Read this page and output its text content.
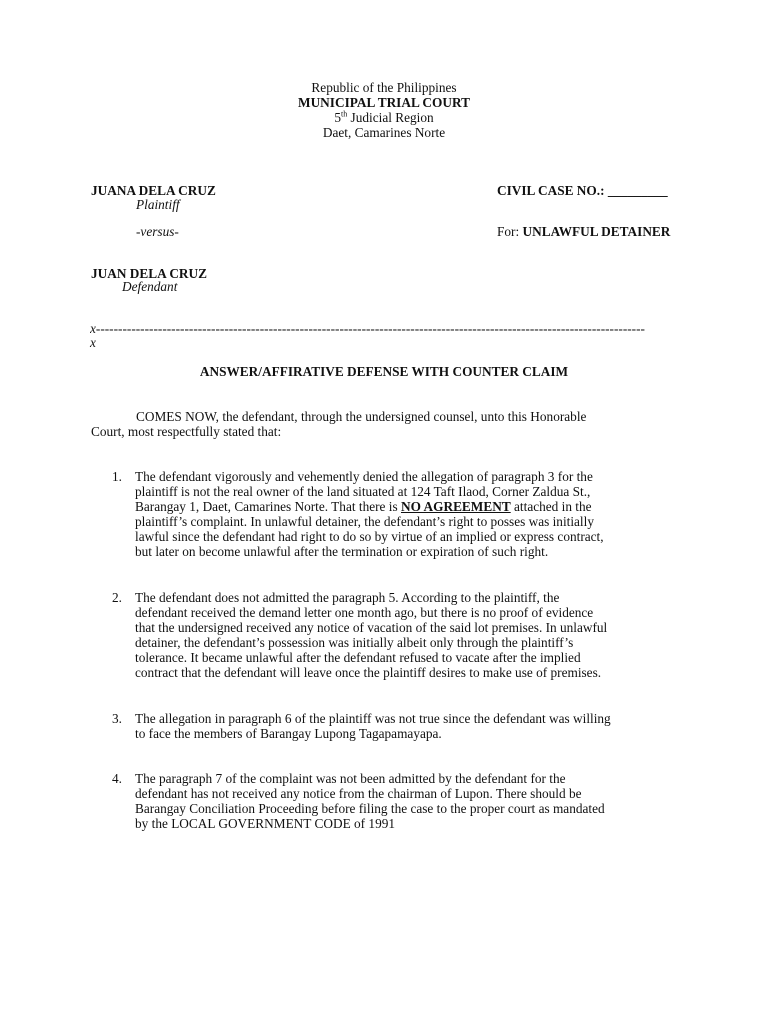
Republic of the Philippines
MUNICIPAL TRIAL COURT
5th Judicial Region
Daet, Camarines Norte
JUANA DELA CRUZ
Plaintiff
-versus-
JUAN DELA CRUZ
Defendant
CIVIL CASE NO.: _________
For: UNLAWFUL DETAINER
x----------------------------------------------------------------------------------------------------------------------------
x
ANSWER/AFFIRATIVE DEFENSE WITH COUNTER CLAIM
COMES NOW, the defendant, through the undersigned counsel, unto this Honorable
Court, most respectfully stated that:
1. The defendant vigorously and vehemently denied the allegation of paragraph 3 for the
plaintiff is not the real owner of the land situated at 124 Taft Ilaod, Corner Zaldua St.,
Barangay 1, Daet, Camarines Norte. That there is NO AGREEMENT attached in the
plaintiff’s complaint. In unlawful detainer, the defendant’s right to posses was initially
lawful since the defendant had right to do so by virtue of an implied or express contract,
but later on become unlawful after the termination or expiration of such right.
2. The defendant does not admitted the paragraph 5. According to the plaintiff, the
defendant received the demand letter one month ago, but there is no proof of evidence
that the undersigned received any notice of vacation of the said lot premises. In unlawful
detainer, the defendant’s possession was initially albeit only through the plaintiff’s
tolerance. It became unlawful after the defendant refused to vacate after the implied
contract that the defendant will leave once the plaintiff desires to make use of premises.
3. The allegation in paragraph 6 of the plaintiff was not true since the defendant was willing
to face the members of Barangay Lupong Tagapamayapa.
4. The paragraph 7 of the complaint was not been admitted by the defendant for the
defendant has not received any notice from the chairman of Lupon. There should be
Barangay Conciliation Proceeding before filing the case to the proper court as mandated
by the LOCAL GOVERNMENT CODE of 1991
